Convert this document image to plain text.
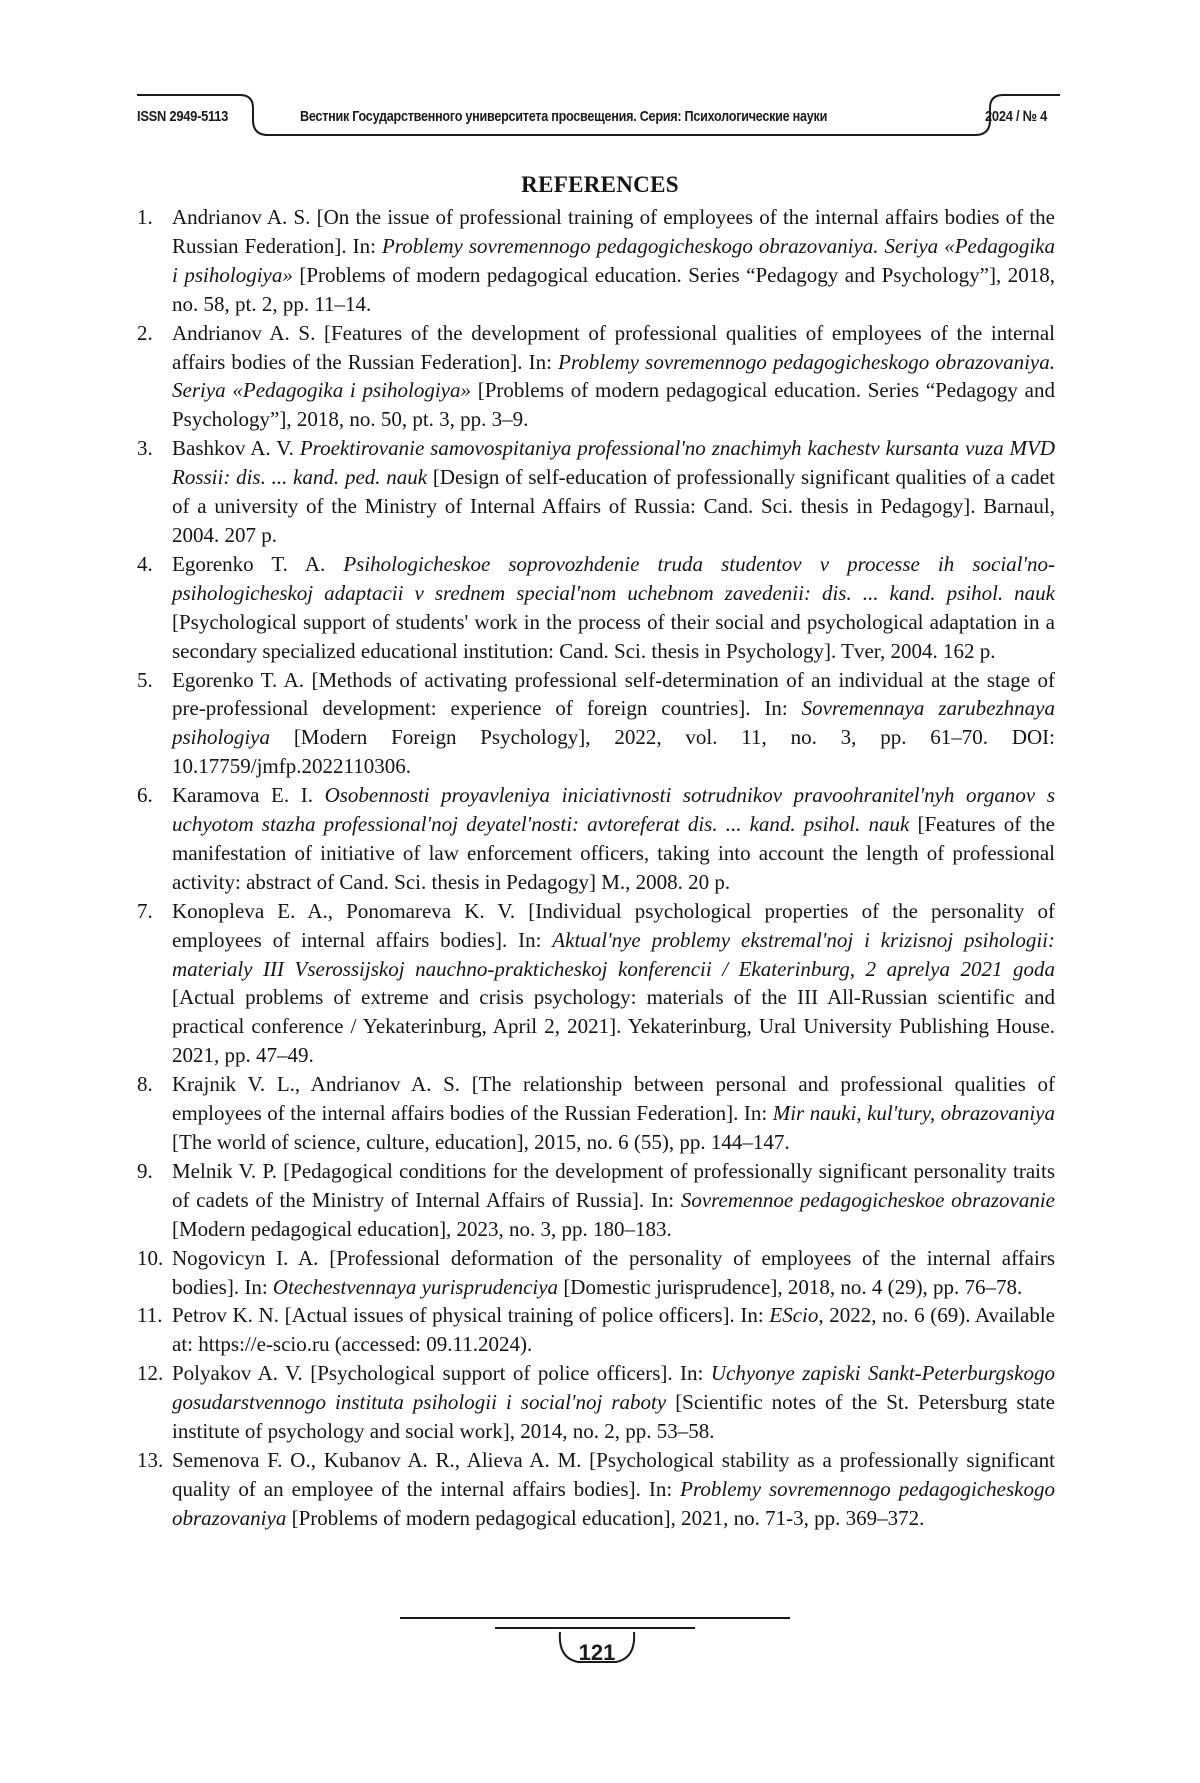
ISSN 2949-5113	Вестник Государственного университета просвещения. Серия: Психологические науки	2024 / № 4
REFERENCES
1. Andrianov A. S. [On the issue of professional training of employees of the internal affairs bodies of the Russian Federation]. In: Problemy sovremennogo pedagogicheskogo obrazovaniya. Seriya «Pedagogika i psihologiya» [Problems of modern pedagogical education. Series “Pedagogy and Psychology”], 2018, no. 58, pt. 2, pp. 11–14.
2. Andrianov A. S. [Features of the development of professional qualities of employees of the internal affairs bodies of the Russian Federation]. In: Problemy sovremennogo pedagogicheskogo obrazovaniya. Seriya «Pedagogika i psihologiya» [Problems of modern pedagogical education. Series “Pedagogy and Psychology”], 2018, no. 50, pt. 3, pp. 3–9.
3. Bashkov A. V. Proektirovanie samovospitaniya professional'no znachimyh kachestv kursanta vuza MVD Rossii: dis. ... kand. ped. nauk [Design of self-education of professionally significant qualities of a cadet of a university of the Ministry of Internal Affairs of Russia: Cand. Sci. thesis in Pedagogy]. Barnaul, 2004. 207 p.
4. Egorenko T. A. Psihologicheskoe soprovozhdenie truda studentov v processe ih social'no-psihologicheskoj adaptacii v srednem special'nom uchebnom zavedenii: dis. ... kand. psihol. nauk [Psychological support of students' work in the process of their social and psychological adaptation in a secondary specialized educational institution: Cand. Sci. thesis in Psychology]. Tver, 2004. 162 p.
5. Egorenko T. A. [Methods of activating professional self-determination of an individual at the stage of pre-professional development: experience of foreign countries]. In: Sovremennaya zarubezhnaya psihologiya [Modern Foreign Psychology], 2022, vol. 11, no. 3, pp. 61–70. DOI: 10.17759/jmfp.2022110306.
6. Karamova E. I. Osobennosti proyavleniya iniciativnosti sotrudnikov pravoohranitel'nyh organov s uchyotom stazha professional'noj deyatel'nosti: avtoreferat dis. ... kand. psihol. nauk [Features of the manifestation of initiative of law enforcement officers, taking into account the length of professional activity: abstract of Cand. Sci. thesis in Pedagogy] M., 2008. 20 p.
7. Konopleva E. A., Ponomareva K. V. [Individual psychological properties of the personality of employees of internal affairs bodies]. In: Aktual'nye problemy ekstremal'noj i krizisnoj psihologii: materialy III Vserossijskoj nauchno-prakticheskoj konferencii / Ekaterinburg, 2 aprelya 2021 goda [Actual problems of extreme and crisis psychology: materials of the III All-Russian scientific and practical conference / Yekaterinburg, April 2, 2021]. Yekaterinburg, Ural University Publishing House. 2021, pp. 47–49.
8. Krajnik V. L., Andrianov A. S. [The relationship between personal and professional qualities of employees of the internal affairs bodies of the Russian Federation]. In: Mir nauki, kul'tury, obrazovaniya [The world of science, culture, education], 2015, no. 6 (55), pp. 144–147.
9. Melnik V. P. [Pedagogical conditions for the development of professionally significant personality traits of cadets of the Ministry of Internal Affairs of Russia]. In: Sovremennoe pedagogicheskoe obrazovanie [Modern pedagogical education], 2023, no. 3, pp. 180–183.
10. Nogovicyn I. A. [Professional deformation of the personality of employees of the internal affairs bodies]. In: Otechestvennaya yurisprudenciya [Domestic jurisprudence], 2018, no. 4 (29), pp. 76–78.
11. Petrov K. N. [Actual issues of physical training of police officers]. In: EScio, 2022, no. 6 (69). Available at: https://e-scio.ru (accessed: 09.11.2024).
12. Polyakov A. V. [Psychological support of police officers]. In: Uchyonye zapiski Sankt-Peterburgskogo gosudarstvennogo instituta psihologii i social'noj raboty [Scientific notes of the St. Petersburg state institute of psychology and social work], 2014, no. 2, pp. 53–58.
13. Semenova F. O., Kubanov A. R., Alieva A. M. [Psychological stability as a professionally significant quality of an employee of the internal affairs bodies]. In: Problemy sovremennogo pedagogicheskogo obrazovaniya [Problems of modern pedagogical education], 2021, no. 71-3, pp. 369–372.
121
